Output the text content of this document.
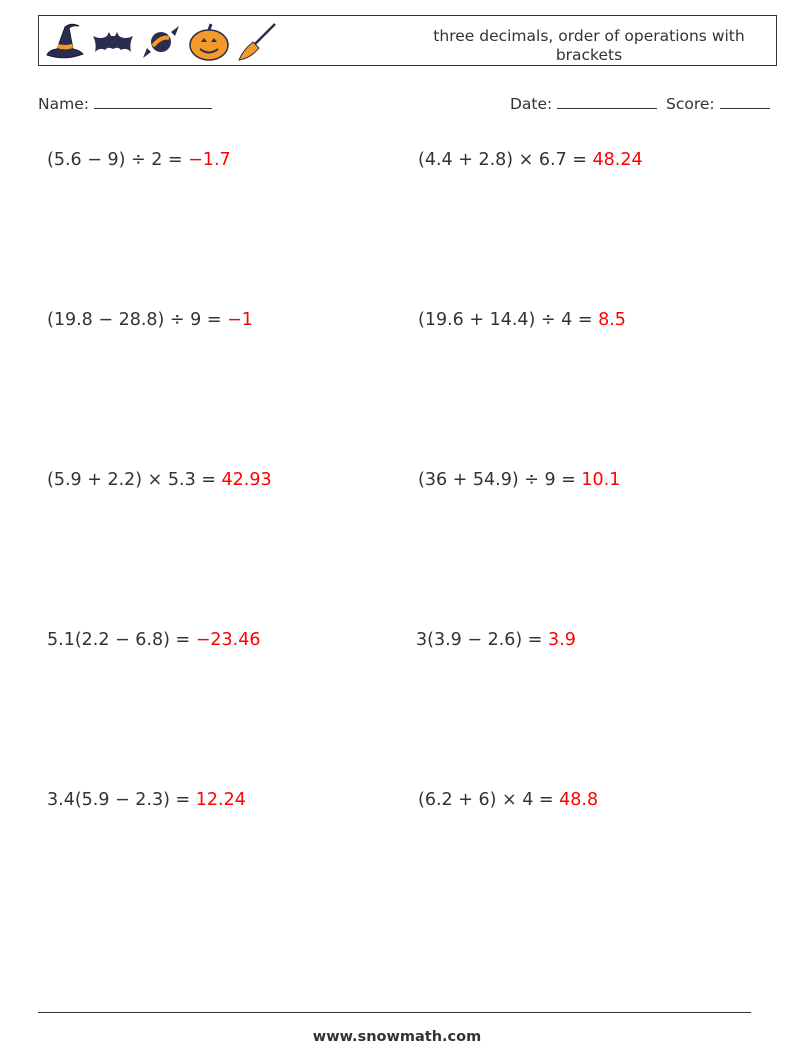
three decimals, order of operations with brackets
Name:	Date:	Score:
(5.6 − 9) ÷ 2 = −1.7	(4.4 + 2.8) × 6.7 = 48.24
(19.8 − 28.8) ÷ 9 = −1	(19.6 + 14.4) ÷ 4 = 8.5
(5.9 + 2.2) × 5.3 = 42.93	(36 + 54.9) ÷ 9 = 10.1
5.1(2.2 − 6.8) = −23.46	3(3.9 − 2.6) = 3.9
3.4(5.9 − 2.3) = 12.24	(6.2 + 6) × 4 = 48.8
www.snowmath.com
